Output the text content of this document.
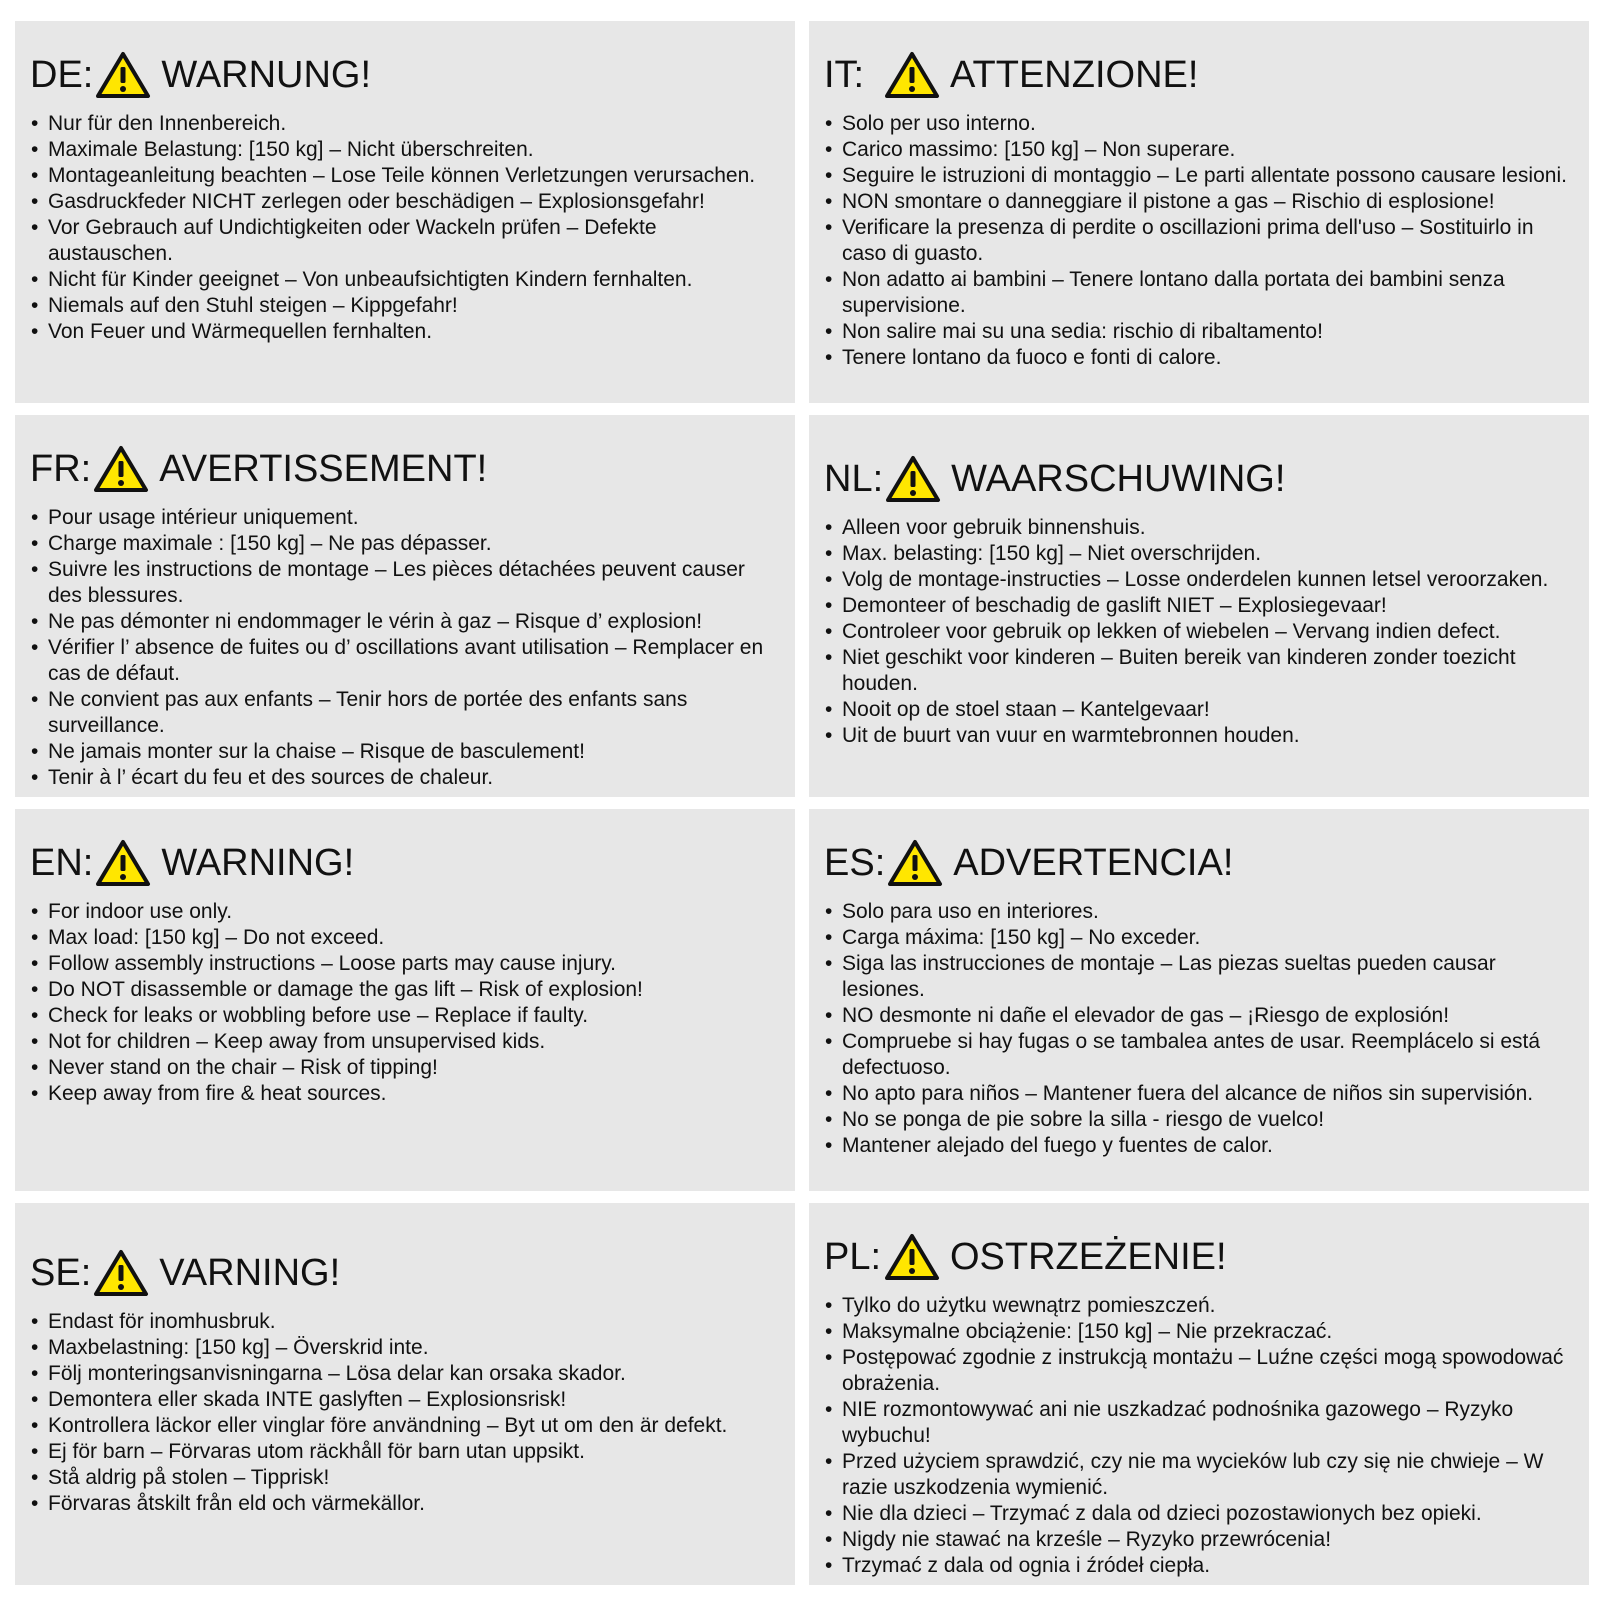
DE: WARNUNG!
• Nur für den Innenbereich.
• Maximale Belastung: [150 kg] – Nicht überschreiten.
• Montageanleitung beachten – Lose Teile können Verletzungen verursachen.
• Gasdruckfeder NICHT zerlegen oder beschädigen – Explosionsgefahr!
• Vor Gebrauch auf Undichtigkeiten oder Wackeln prüfen – Defekte austauschen.
• Nicht für Kinder geeignet – Von unbeaufsichtigten Kindern fernhalten.
• Niemals auf den Stuhl steigen – Kippgefahr!
• Von Feuer und Wärmequellen fernhalten.
IT:	ATTENZIONE!
• Solo per uso interno.
• Carico massimo: [150 kg] – Non superare.
• Seguire le istruzioni di montaggio – Le parti allentate possono causare lesioni.
• NON smontare o danneggiare il pistone a gas – Rischio di esplosione!
• Verificare la presenza di perdite o oscillazioni prima dell'uso – Sostituirlo in caso di guasto.
• Non adatto ai bambini – Tenere lontano dalla portata dei bambini senza supervisione.
• Non salire mai su una sedia: rischio di ribaltamento!
• Tenere lontano da fuoco e fonti di calore.
FR: AVERTISSEMENT!
• Pour usage intérieur uniquement.
• Charge maximale : [150 kg] – Ne pas dépasser.
• Suivre les instructions de montage – Les pièces détachées peuvent causer des blessures.
• Ne pas démonter ni endommager le vérin à gaz – Risque d’ explosion!
• Vérifier l’ absence de fuites ou d’ oscillations avant utilisation – Remplacer en cas de défaut.
• Ne convient pas aux enfants – Tenir hors de portée des enfants sans surveillance.
• Ne jamais monter sur la chaise – Risque de basculement!
• Tenir à l’ écart du feu et des sources de chaleur.
NL: WAARSCHUWING!
• Alleen voor gebruik binnenshuis.
• Max. belasting: [150 kg] – Niet overschrijden.
• Volg de montage-instructies – Losse onderdelen kunnen letsel veroorzaken.
• Demonteer of beschadig de gaslift NIET – Explosiegevaar!
• Controleer voor gebruik op lekken of wiebelen – Vervang indien defect.
• Niet geschikt voor kinderen – Buiten bereik van kinderen zonder toezicht houden.
• Nooit op de stoel staan – Kantelgevaar!
• Uit de buurt van vuur en warmtebronnen houden.
EN: WARNING!
• For indoor use only.
• Max load: [150 kg] – Do not exceed.
• Follow assembly instructions – Loose parts may cause injury.
• Do NOT disassemble or damage the gas lift – Risk of explosion!
• Check for leaks or wobbling before use – Replace if faulty.
• Not for children – Keep away from unsupervised kids.
• Never stand on the chair – Risk of tipping!
• Keep away from fire & heat sources.
ES: ADVERTENCIA!
• Solo para uso en interiores.
• Carga máxima: [150 kg] – No exceder.
• Siga las instrucciones de montaje – Las piezas sueltas pueden causar lesiones.
• NO desmonte ni dañe el elevador de gas – ¡Riesgo de explosión!
• Compruebe si hay fugas o se tambalea antes de usar. Reemplácelo si está defectuoso.
• No apto para niños – Mantener fuera del alcance de niños sin supervisión.
• No se ponga de pie sobre la silla - riesgo de vuelco!
• Mantener alejado del fuego y fuentes de calor.
SE: VARNING!
• Endast för inomhusbruk.
• Maxbelastning: [150 kg] – Överskrid inte.
• Följ monteringsanvisningarna – Lösa delar kan orsaka skador.
• Demontera eller skada INTE gaslyften – Explosionsrisk!
• Kontrollera läckor eller vinglar före användning – Byt ut om den är defekt.
• Ej för barn – Förvaras utom räckhåll för barn utan uppsikt.
• Stå aldrig på stolen – Tipprisk!
• Förvaras åtskilt från eld och värmekällor.
PL: OSTRZEŻENIE!
• Tylko do użytku wewnątrz pomieszczeń.
• Maksymalne obciążenie: [150 kg] – Nie przekraczać.
• Postępować zgodnie z instrukcją montażu – Luźne części mogą spowodować obrażenia.
• NIE rozmontowywać ani nie uszkadzać podnośnika gazowego – Ryzyko wybuchu!
• Przed użyciem sprawdzić, czy nie ma wycieków lub czy się nie chwieje – W razie uszkodzenia wymienić.
• Nie dla dzieci – Trzymać z dala od dzieci pozostawionych bez opieki.
• Nigdy nie stawać na krześle – Ryzyko przewrócenia!
• Trzymać z dala od ognia i źródeł ciepła.
